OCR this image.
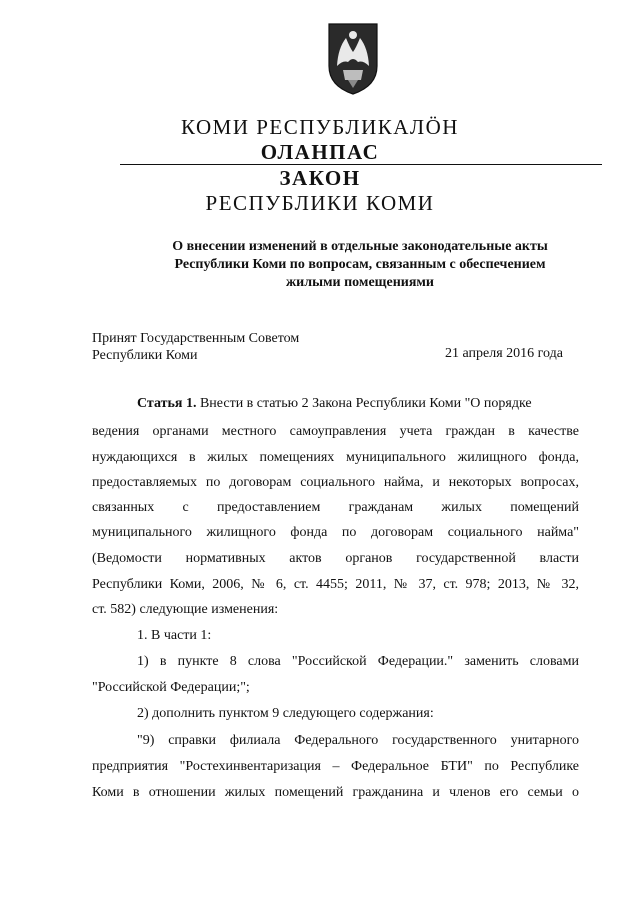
КОМИ РЕСПУБЛИКАЛӦН
ОЛАНПАС
ЗАКОН
РЕСПУБЛИКИ КОМИ
О внесении изменений в отдельные законодательные акты
Республики Коми по вопросам, связанным с обеспечением
жилыми помещениями
Принят Государственным Советом
Республики Коми	21 апреля 2016 года
Статья 1. Внести в статью 2 Закона Республики Коми "О порядке
ведения органами местного самоуправления учета граждан в качестве
нуждающихся в жилых помещениях муниципального жилищного фонда,
предоставляемых по договорам социального найма, и некоторых вопросах,
связанных с предоставлением гражданам жилых помещений
муниципального жилищного фонда по договорам социального найма"
(Ведомости нормативных актов органов государственной власти
Республики Коми, 2006, № 6, ст. 4455; 2011, № 37, ст. 978; 2013, № 32,
ст. 582) следующие изменения:
1. В части 1:
1) в пункте 8 слова "Российской Федерации." заменить словами
"Российской Федерации;";
2) дополнить пунктом 9 следующего содержания:
"9) справки филиала Федерального государственного унитарного
предприятия "Ростехинвентаризация – Федеральное БТИ" по Республике
Коми в отношении жилых помещений гражданина и членов его семьи о
